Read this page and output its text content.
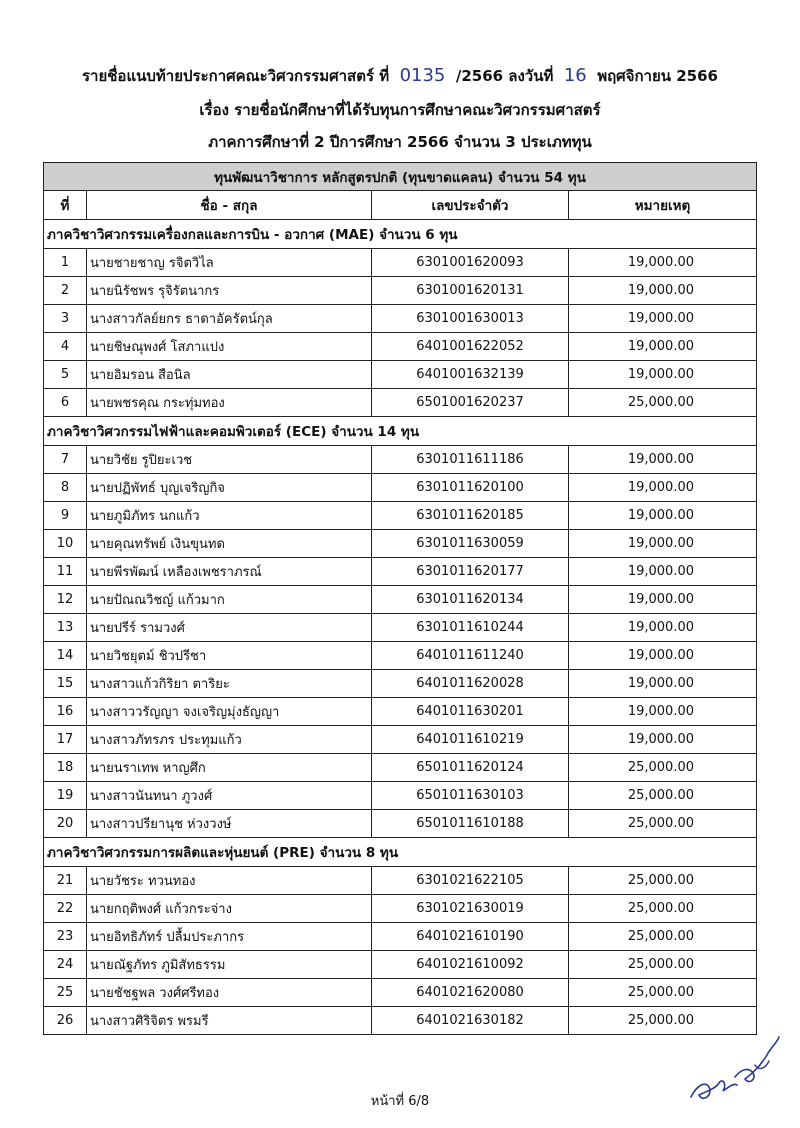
รายชื่อแนบท้ายประกาศคณะวิศวกรรมศาสตร์ ที่ 0135 /2566 ลงวันที่ 16 พฤศจิกายน 2566
เรื่อง รายชื่อนักศึกษาที่ได้รับทุนการศึกษาคณะวิศวกรรมศาสตร์
ภาคการศึกษาที่ 2 ปีการศึกษา 2566 จำนวน 3 ประเภททุน
ทุนพัฒนาวิชาการ หลักสูตรปกติ (ทุนขาดแคลน) จำนวน 54 ทุน			
ที่	ชื่อ - สกุล	เลขประจำตัว	หมายเหตุ
ภาควิชาวิศวกรรมเครื่องกลและการบิน - อวกาศ (MAE) จำนวน 6 ทุน			
1	นายชายชาญ รจิตวิไล	6301001620093	19,000.00
2	นายนิรัชพร รุจิรัตนากร	6301001620131	19,000.00
3	นางสาวกัลย์ยกร ธาดาอัครัตน์กุล	6301001630013	19,000.00
4	นายชิษณุพงศ์ โสภาแปง	6401001622052	19,000.00
5	นายอิมรอน สือนิล	6401001632139	19,000.00
6	นายพชรคุณ กระทุ่มทอง	6501001620237	25,000.00
ภาควิชาวิศวกรรมไฟฟ้าและคอมพิวเตอร์ (ECE) จำนวน 14 ทุน			
7	นายวิชัย รูปิยะเวช	6301011611186	19,000.00
8	นายปฏิพัทธ์ บุญเจริญกิจ	6301011620100	19,000.00
9	นายภูมิภัทร นกแก้ว	6301011620185	19,000.00
10	นายคุณทรัพย์ เงินขุนทด	6301011630059	19,000.00
11	นายพีรพัฒน์ เหลืองเพชราภรณ์	6301011620177	19,000.00
12	นายปัณณวิชญ์ แก้วมาก	6301011620134	19,000.00
13	นายปรีร์ รามวงศ์	6301011610244	19,000.00
14	นายวิชยุตม์ ชิวปรีชา	6401011611240	19,000.00
15	นางสาวแก้วกิริยา ตาริยะ	6401011620028	19,000.00
16	นางสาววรัญญา จงเจริญมุ่งธัญญา	6401011630201	19,000.00
17	นางสาวภัทรภร ประทุมแก้ว	6401011610219	19,000.00
18	นายนราเทพ หาญศึก	6501011620124	25,000.00
19	นางสาวนันทนา ภูวงศ์	6501011630103	25,000.00
20	นางสาวปรียานุช ห่วงวงษ์	6501011610188	25,000.00
ภาควิชาวิศวกรรมการผลิตและหุ่นยนต์ (PRE) จำนวน 8 ทุน			
21	นายวัชระ ทวนทอง	6301021622105	25,000.00
22	นายกฤติพงศ์ แก้วกระจ่าง	6301021630019	25,000.00
23	นายอิทธิภัทร์ ปลื้มประภากร	6401021610190	25,000.00
24	นายณัฐภัทร ภูมิสัทธรรม	6401021610092	25,000.00
25	นายชัชฐพล วงศ์ศรีทอง	6401021620080	25,000.00
26	นางสาวศิริจิตร พรมรี	6401021630182	25,000.00
หน้าที่ 6/8
